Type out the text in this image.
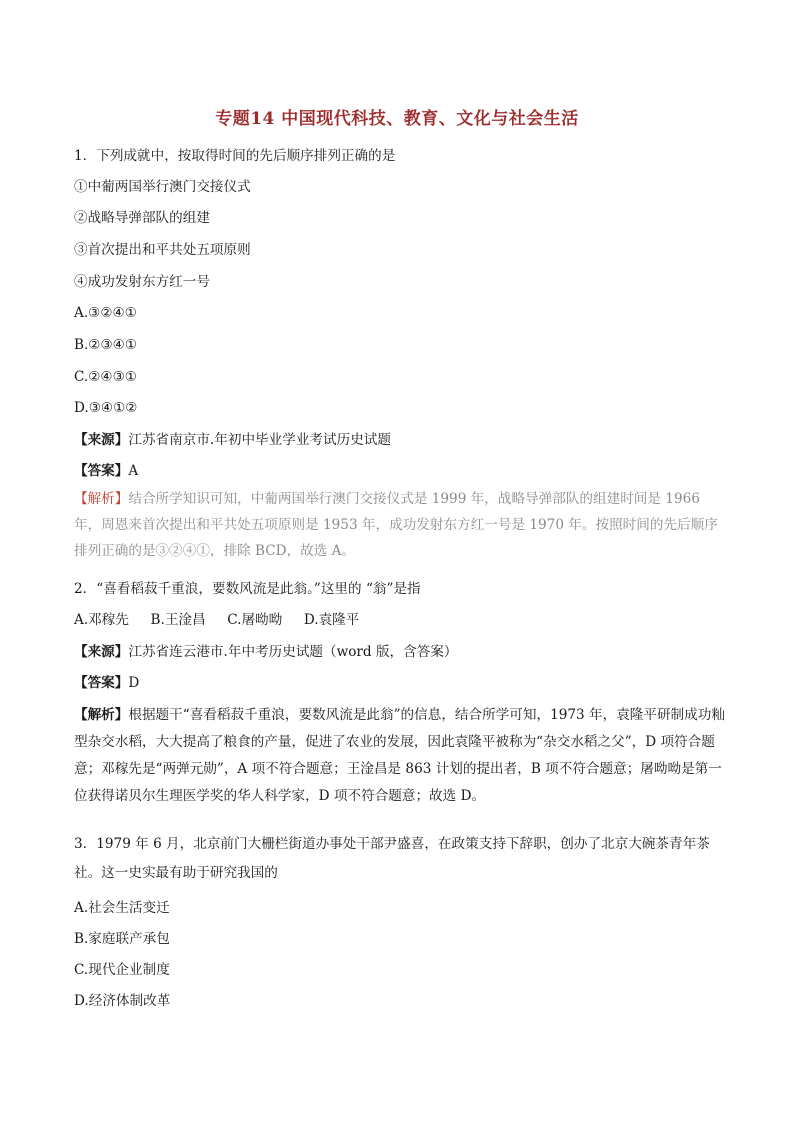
专题14 中国现代科技、教育、文化与社会生活
1．下列成就中，按取得时间的先后顺序排列正确的是
①中葡两国举行澳门交接仪式
②战略导弹部队的组建
③首次提出和平共处五项原则
④成功发射东方红一号
A.③②④①
B.②③④①
C.②④③①
D.③④①②
【来源】江苏省南京市.年初中毕业学业考试历史试题
【答案】A
【解析】结合所学知识可知，中葡两国举行澳门交接仪式是 1999 年，战略导弹部队的组建时间是 1966 年，周恩来首次提出和平共处五项原则是 1953 年，成功发射东方红一号是 1970 年。按照时间的先后顺序排列正确的是③②④①，排除 BCD，故选 A。
2．“喜看稻菽千重浪，要数风流是此翁。”这里的 “翁”是指
A.邓稼先     B.王淦昌     C.屠呦呦     D.袁隆平
【来源】江苏省连云港市.年中考历史试题（word 版，含答案）
【答案】D
【解析】根据题干“喜看稻菽千重浪，要数风流是此翁”的信息，结合所学可知，1973 年，袁隆平研制成功籼型杂交水稻，大大提高了粮食的产量，促进了农业的发展，因此袁隆平被称为“杂交水稻之父”，D 项符合题意；邓稼先是“两弹元勋”，A 项不符合题意；王淦昌是 863 计划的提出者，B 项不符合题意；屠呦呦是第一位获得诺贝尔生理医学奖的华人科学家，D 项不符合题意；故选 D。
3．1979 年 6 月，北京前门大栅栏街道办事处干部尹盛喜，在政策支持下辞职，创办了北京大碗茶青年茶社。这一史实最有助于研究我国的
A.社会生活变迁
B.家庭联产承包
C.现代企业制度
D.经济体制改革
